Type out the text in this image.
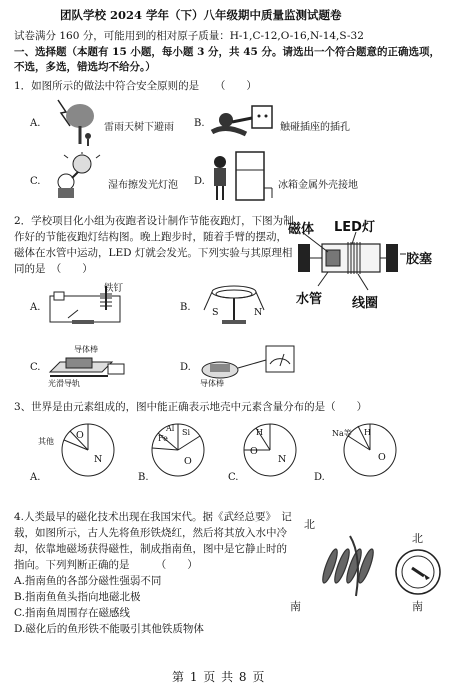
团队学校 2024 学年（下）八年级期中质量监测试题卷
试卷满分 160 分，可能用到的相对原子质量：H-1,C-12,O-16,N-14,S-32
一、选择题（本题有 15 小题，每小题 3 分，共 45 分。请选出一个符合题意的正确选项，
不选，多选，错选均不给分。）
1．如图所示的做法中符合安全原则的是　　（　　）
A.	雷雨天树下避雨 B.	触碰插座的插孔
C.	湿布擦发光灯泡 D.	冰箱金属外壳接地
2．学校项目化小组为夜跑者设计制作节能夜跑灯，下图为制
作好的节能夜跑灯结构图。晚上跑步时，随着手臂的摆动，
磁体在水管中运动，LED 灯就会发光。下列实验与其原理相
同的是　（　　）
磁体 LED灯
胶塞
水管 线圈
A.
铁钉
B. S	N
C.
导体棒
光滑导轨
D.
导体棒
3、世界是由元素组成的，图中能正确表示地壳中元素含量分布的是（　　）
A.
其他
O
N
B.
Fe
Al Si
O
C.
H
O
N
D.
Na等 H
O
4.人类最早的磁化技术出现在我国宋代。据《武经总要》　记
载，如图所示，古人先将鱼形铁烧红，然后将其放入水中冷
却，依靠地磁场获得磁性，制成指南鱼，图中是它静止时的
指向。下列判断正确的是　　　（　　）
A.指南鱼的各部分磁性强弱不同
B.指南鱼鱼头指向地磁北极
C.指南鱼周围存在磁感线
D.磁化后的鱼形铁不能吸引其他铁质物体
北
南
北
南
第 1 页 共 8 页
